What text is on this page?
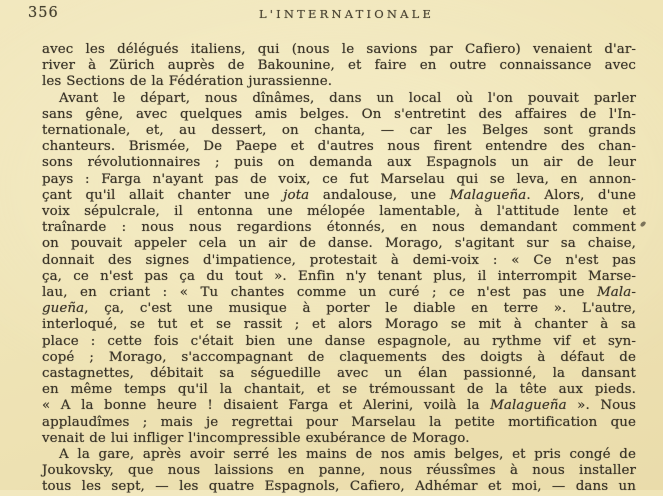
356	L'INTERNATIONALE
avec les délégués italiens, qui (nous le savions par Cafiero) venaient d'ar-
river à Zürich auprès de Bakounine, et faire en outre connaissance avec
les Sections de la Fédération jurassienne.
Avant le départ, nous dînâmes, dans un local où l'on pouvait parler
sans gêne, avec quelques amis belges. On s'entretint des affaires de l'In-
ternationale, et, au dessert, on chanta, — car les Belges sont grands
chanteurs. Brismée, De Paepe et d'autres nous firent entendre des chan-
sons révolutionnaires ; puis on demanda aux Espagnols un air de leur
pays : Farga n'ayant pas de voix, ce fut Marselau qui se leva, en annon-
çant qu'il allait chanter une jota andalouse, une Malagueña. Alors, d'une
voix sépulcrale, il entonna une mélopée lamentable, à l'attitude lente et
traînarde : nous nous regardions étonnés, en nous demandant comment
on pouvait appeler cela un air de danse. Morago, s'agitant sur sa chaise,
donnait des signes d'impatience, protestait à demi-voix : « Ce n'est pas
ça, ce n'est pas ça du tout ». Enfin n'y tenant plus, il interrompit Marse-
lau, en criant : « Tu chantes comme un curé ; ce n'est pas une Mala-
gueña, ça, c'est une musique à porter le diable en terre ». L'autre,
interloqué, se tut et se rassit ; et alors Morago se mit à chanter à sa
place : cette fois c'était bien une danse espagnole, au rythme vif et syn-
copé ; Morago, s'accompagnant de claquements des doigts à défaut de
castagnettes, débitait sa séguedille avec un élan passionné, la dansant
en même temps qu'il la chantait, et se trémoussant de la tête aux pieds.
« A la bonne heure ! disaient Farga et Alerini, voilà la Malagueña ». Nous
applaudîmes ; mais je regrettai pour Marselau la petite mortification que
venait de lui infliger l'incompressible exubérance de Morago.
A la gare, après avoir serré les mains de nos amis belges, et pris congé de
Joukovsky, que nous laissions en panne, nous réussîmes à nous installer
tous les sept, — les quatre Espagnols, Cafiero, Adhémar et moi, — dans un
